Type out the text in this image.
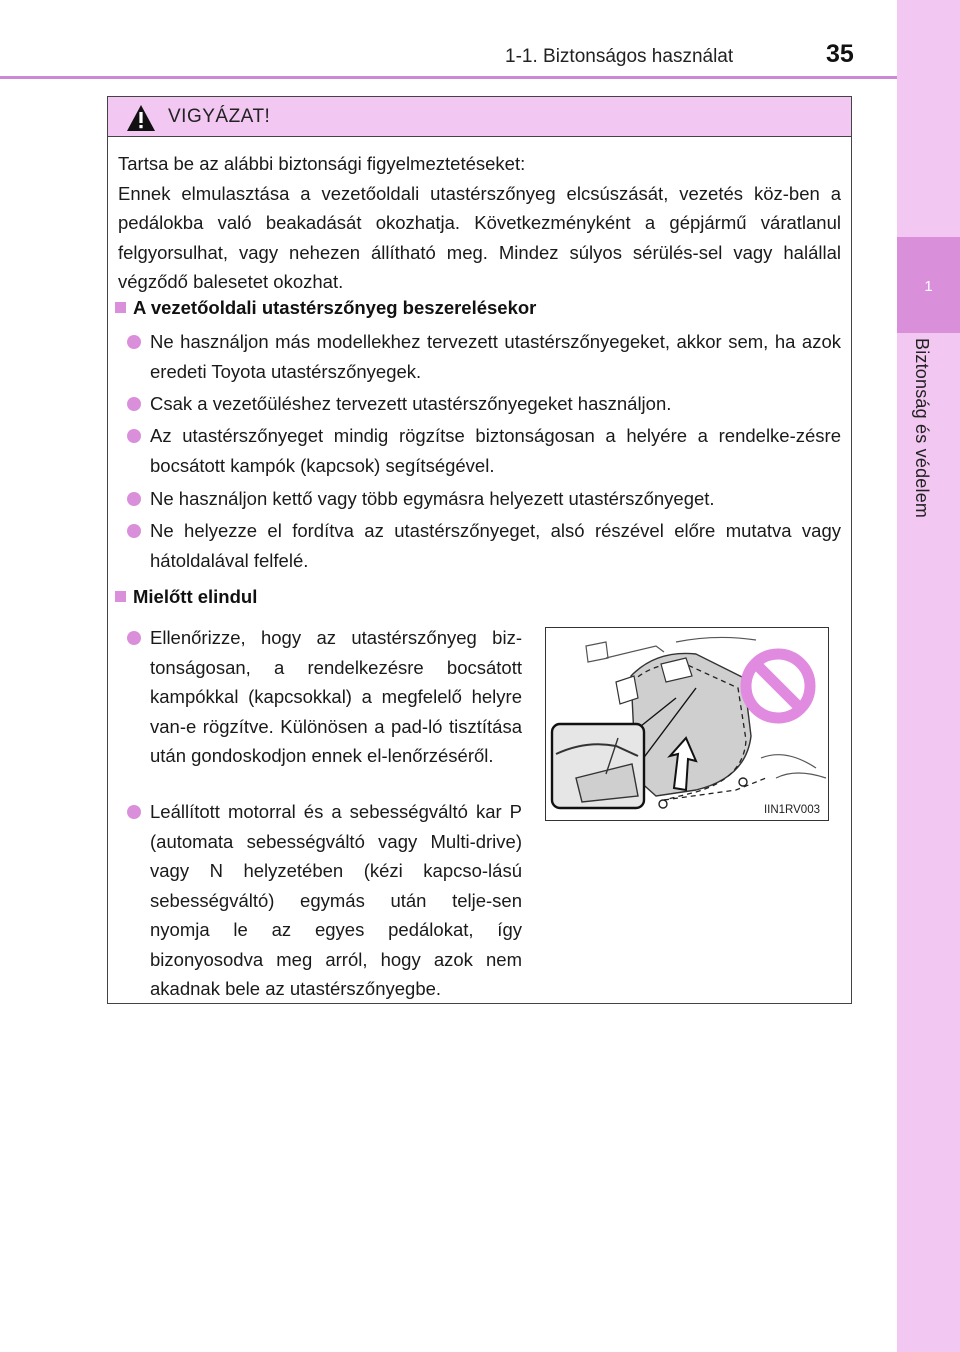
1
Biztonság és védelem
1-1. Biztonságos használat	35
VIGYÁZAT!
Tartsa be az alábbi biztonsági figyelmeztetéseket:
Ennek elmulasztása a vezetőoldali utastérszőnyeg elcsúszását, vezetés köz-ben a pedálokba való beakadását okozhatja. Következményként a gépjármű váratlanul felgyorsulhat, vagy nehezen állítható meg. Mindez súlyos sérülés-sel vagy halállal végződő balesetet okozhat.
A vezetőoldali utastérszőnyeg beszerelésekor
Ne használjon más modellekhez tervezett utastérszőnyegeket, akkor sem, ha azok eredeti Toyota utastérszőnyegek.
Csak a vezetőüléshez tervezett utastérszőnyegeket használjon.
Az utastérszőnyeget mindig rögzítse biztonságosan a helyére a rendelke-zésre bocsátott kampók (kapcsok) segítségével.
Ne használjon kettő vagy több egymásra helyezett utastérszőnyeget.
Ne helyezze el fordítva az utastérszőnyeget, alsó részével előre mutatva vagy hátoldalával felfelé.
Mielőtt elindul
Ellenőrizze, hogy az utastérszőnyeg biz-tonságosan, a rendelkezésre bocsátott kampókkal (kapcsokkal) a megfelelő helyre van-e rögzítve. Különösen a pad-ló tisztítása után gondoskodjon ennek el-lenőrzéséről.
Leállított motorral és a sebességváltó kar P (automata sebességváltó vagy Multi-drive) vagy N helyzetében (kézi kapcso-lású sebességváltó) egymás után telje-sen nyomja le az egyes pedálokat, így bizonyosodva meg arról, hogy azok nem akadnak bele az utastérszőnyegbe.
IIN1RV003
